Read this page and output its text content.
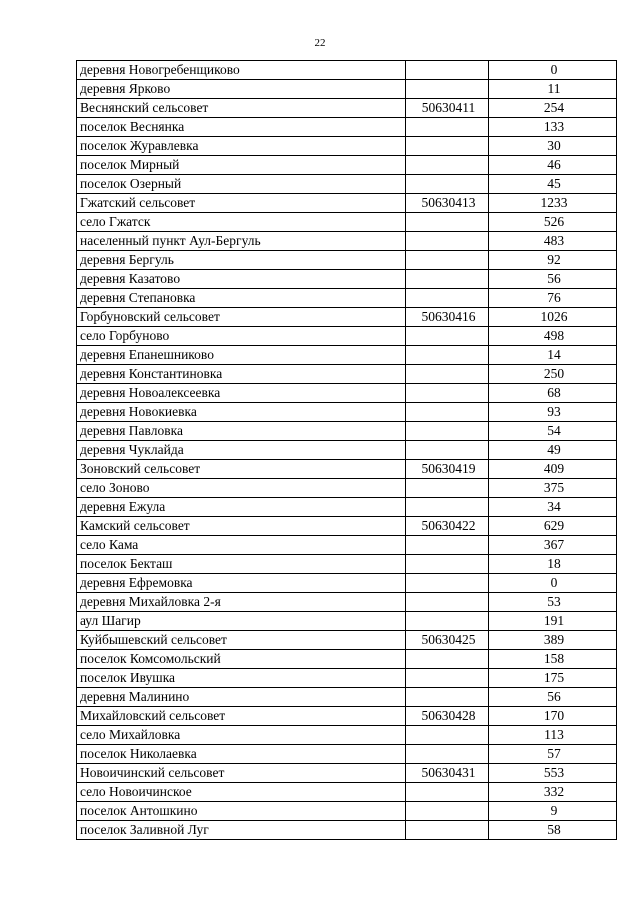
22
деревня Новогребенщиково		0
деревня Ярково		11
Веснянский сельсовет	50630411	254
поселок Веснянка		133
поселок Журавлевка		30
поселок Мирный		46
поселок Озерный		45
Гжатский сельсовет	50630413	1233
село Гжатск		526
населенный пункт Аул-Бергуль		483
деревня Бергуль		92
деревня Казатово		56
деревня Степановка		76
Горбуновский сельсовет	50630416	1026
село Горбуново		498
деревня Епанешниково		14
деревня Константиновка		250
деревня Новоалексеевка		68
деревня Новокиевка		93
деревня Павловка		54
деревня Чуклайда		49
Зоновский сельсовет	50630419	409
село Зоново		375
деревня Ежула		34
Камский сельсовет	50630422	629
село Кама		367
поселок Бекташ		18
деревня Ефремовка		0
деревня Михайловка 2-я		53
аул Шагир		191
Куйбышевский сельсовет	50630425	389
поселок Комсомольский		158
поселок Ивушка		175
деревня Малинино		56
Михайловский сельсовет	50630428	170
село Михайловка		113
поселок Николаевка		57
Новоичинский сельсовет	50630431	553
село Новоичинское		332
поселок Антошкино		9
поселок Заливной Луг		58
